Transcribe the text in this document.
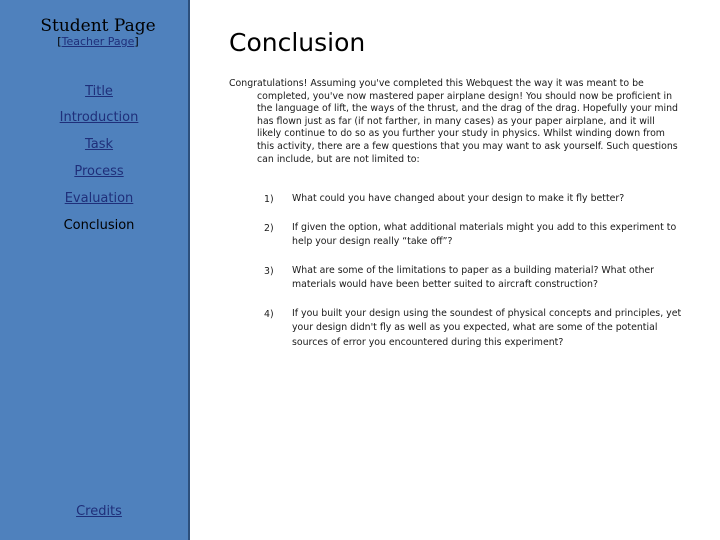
Student Page
[Teacher Page]
Title
Introduction
Task
Process
Evaluation
Conclusion
Credits
Conclusion
Congratulations! Assuming you've completed this Webquest the way it was meant to be completed, you've now mastered paper airplane design! You should now be proficient in the language of lift, the ways of the thrust, and the drag of the drag. Hopefully your mind has flown just as far (if not farther, in many cases) as your paper airplane, and it will likely continue to do so as you further your study in physics. Whilst winding down from this activity, there are a few questions that you may want to ask yourself. Such questions can include, but are not limited to:
1) What could you have changed about your design to make it fly better?
2) If given the option, what additional materials might you add to this experiment to help your design really “take off”?
3) What are some of the limitations to paper as a building material? What other materials would have been better suited to aircraft construction?
4) If you built your design using the soundest of physical concepts and principles, yet your design didn't fly as well as you expected, what are some of the potential sources of error you encountered during this experiment?
